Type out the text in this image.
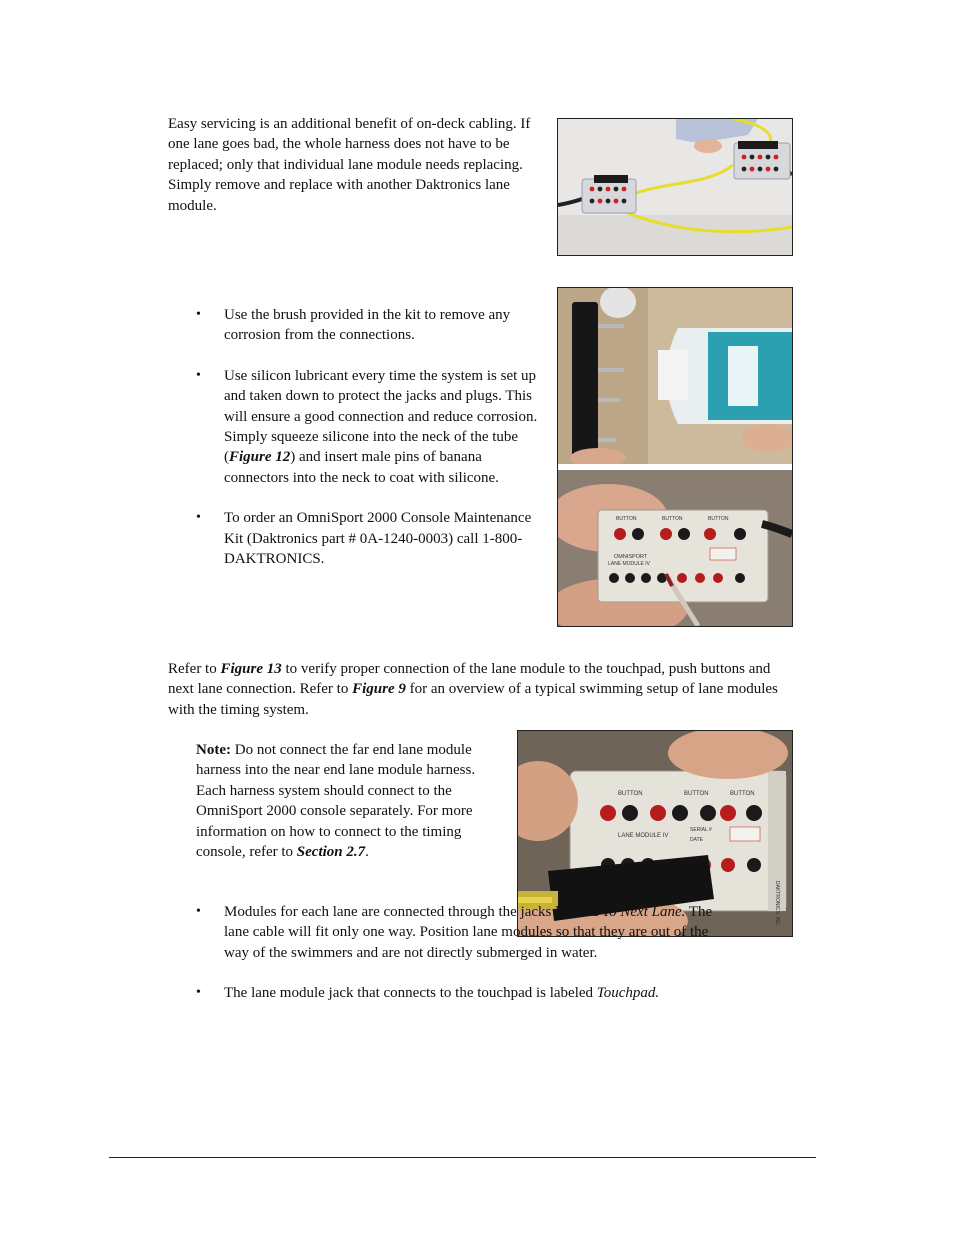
Easy servicing is an additional benefit of on-deck cabling. If one lane goes bad, the whole harness does not have to be replaced; only that individual lane module needs replacing. Simply remove and replace with another Daktronics lane module.

• Use the brush provided in the kit to remove any corrosion from the connections.
• Use silicon lubricant every time the system is set up and taken down to protect the jacks and plugs. This will ensure a good connection and reduce corrosion. Simply squeeze silicone into the neck of the tube (Figure 12) and insert male pins of banana connectors into the neck to coat with silicone.
• To order an OmniSport 2000 Console Maintenance Kit (Daktronics part # 0A-1240-0003) call 1-800-DAKTRONICS.
BUTTON	BUTTON	BUTTON
OMNISPORT
LANE MODULE IV

Refer to Figure 13 to verify proper connection of the lane module to the touchpad, push buttons and next lane connection. Refer to Figure 9 for an overview of a typical swimming setup of lane modules with the timing system.

Note: Do not connect the far end lane module harness into the near end lane module harness. Each harness system should connect to the OmniSport 2000 console separately. For more information on how to connect to the timing console, refer to Section 2.7.

BUTTON	BUTTON	BUTTON
LANE MODULE IV
SERIAL #
DATE
DAKTRONICS, INC.
• Modules for each lane are connected through the jacks labeled To Next Lane. The lane cable will fit only one way. Position lane modules so that they are out of the way of the swimmers and are not directly submerged in water.
• The lane module jack that connects to the touchpad is labeled Touchpad.
